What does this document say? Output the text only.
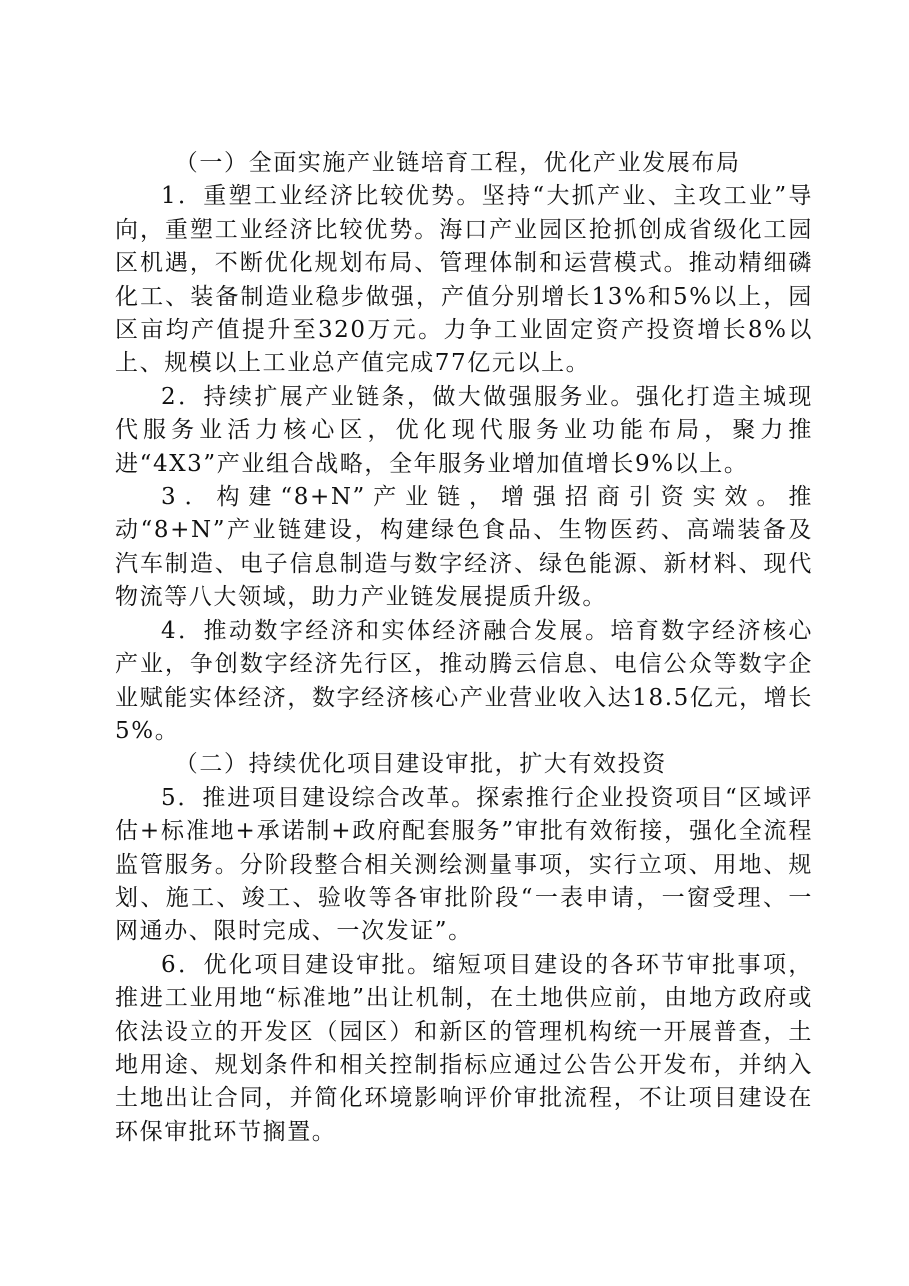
（一）全面实施产业链培育工程，优化产业发展布局

1．重塑工业经济比较优势。坚持“大抓产业、主攻工业”导向，重塑工业经济比较优势。海口产业园区抢抓创成省级化工园区机遇，不断优化规划布局、管理体制和运营模式。推动精细磷化工、装备制造业稳步做强，产值分别增长13%和5%以上，园区亩均产值提升至320万元。力争工业固定资产投资增长8%以上、规模以上工业总产值完成77亿元以上。

2．持续扩展产业链条，做大做强服务业。强化打造主城现代服务业活力核心区，优化现代服务业功能布局，聚力推进“4X3”产业组合战略，全年服务业增加值增长9%以上。

3．构建“8+N”产业链，增强招商引资实效。推动“8+N”产业链建设，构建绿色食品、生物医药、高端装备及汽车制造、电子信息制造与数字经济、绿色能源、新材料、现代物流等八大领域，助力产业链发展提质升级。

4．推动数字经济和实体经济融合发展。培育数字经济核心产业，争创数字经济先行区，推动腾云信息、电信公众等数字企业赋能实体经济，数字经济核心产业营业收入达18.5亿元，增长5%。

（二）持续优化项目建设审批，扩大有效投资

5．推进项目建设综合改革。探索推行企业投资项目“区域评估+标准地+承诺制+政府配套服务”审批有效衔接，强化全流程监管服务。分阶段整合相关测绘测量事项，实行立项、用地、规划、施工、竣工、验收等各审批阶段“一表申请，一窗受理、一网通办、限时完成、一次发证”。

6．优化项目建设审批。缩短项目建设的各环节审批事项，推进工业用地“标准地”出让机制，在土地供应前，由地方政府或依法设立的开发区（园区）和新区的管理机构统一开展普查，土地用途、规划条件和相关控制指标应通过公告公开发布，并纳入土地出让合同，并简化环境影响评价审批流程，不让项目建设在环保审批环节搁置。
